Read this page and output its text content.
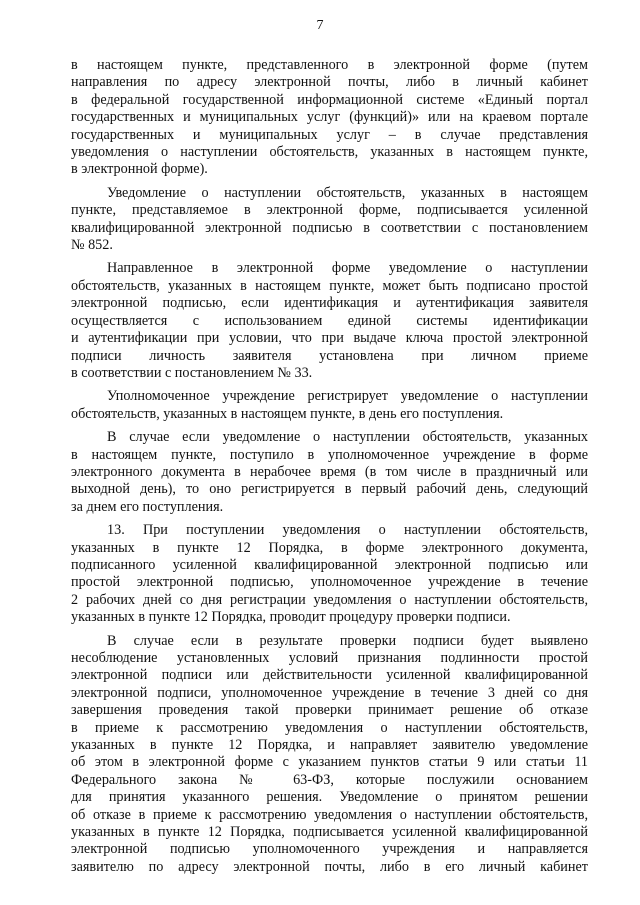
7
в настоящем пункте, представленного в электронной форме (путем
направления по адресу электронной почты, либо в личный кабинет
в федеральной государственной информационной системе «Единый портал
государственных и муниципальных услуг (функций)» или на краевом портале
государственных и муниципальных услуг – в случае представления
уведомления о наступлении обстоятельств, указанных в настоящем пункте,
в электронной форме).
Уведомление о наступлении обстоятельств, указанных в настоящем
пункте, представляемое в электронной форме, подписывается усиленной
квалифицированной электронной подписью в соответствии с постановлением
№ 852.
Направленное в электронной форме уведомление о наступлении
обстоятельств, указанных в настоящем пункте, может быть подписано простой
электронной подписью, если идентификация и аутентификация заявителя
осуществляется с использованием единой системы идентификации
и аутентификации при условии, что при выдаче ключа простой электронной
подписи личность заявителя установлена при личном приеме
в соответствии с постановлением № 33.
Уполномоченное учреждение регистрирует уведомление о наступлении
обстоятельств, указанных в настоящем пункте, в день его поступления.
В случае если уведомление о наступлении обстоятельств, указанных
в настоящем пункте, поступило в уполномоченное учреждение в форме
электронного документа в нерабочее время (в том числе в праздничный или
выходной день), то оно регистрируется в первый рабочий день, следующий
за днем его поступления.
13. При поступлении уведомления о наступлении обстоятельств,
указанных в пункте 12 Порядка, в форме электронного документа,
подписанного усиленной квалифицированной электронной подписью или
простой электронной подписью, уполномоченное учреждение в течение
2 рабочих дней со дня регистрации уведомления о наступлении обстоятельств,
указанных в пункте 12 Порядка, проводит процедуру проверки подписи.
В случае если в результате проверки подписи будет выявлено
несоблюдение установленных условий признания подлинности простой
электронной подписи или действительности усиленной квалифицированной
электронной подписи, уполномоченное учреждение в течение 3 дней со дня
завершения проведения такой проверки принимает решение об отказе
в приеме к рассмотрению уведомления о наступлении обстоятельств,
указанных в пункте 12 Порядка, и направляет заявителю уведомление
об этом в электронной форме с указанием пунктов статьи 9 или статьи 11
Федерального закона № 63-ФЗ, которые послужили основанием
для принятия указанного решения. Уведомление о принятом решении
об отказе в приеме к рассмотрению уведомления о наступлении обстоятельств,
указанных в пункте 12 Порядка, подписывается усиленной квалифицированной
электронной подписью уполномоченного учреждения и направляется
заявителю по адресу электронной почты, либо в его личный кабинет
